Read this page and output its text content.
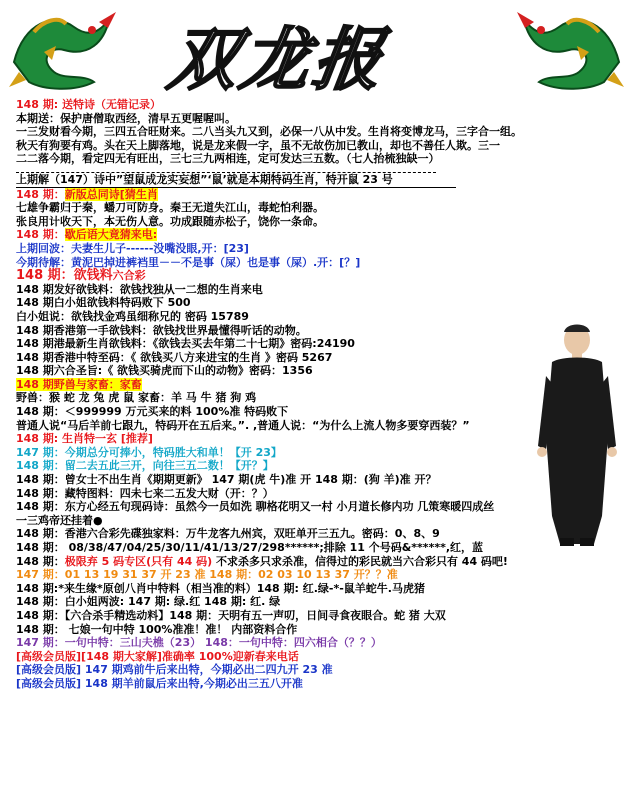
双龙报
148 期: 送特诗（无错记录）
本期送：保护唐僧取西经，清早五更喔喔叫。
一三发财看今期，三四五合旺财来。二八当头九又到，必保一八从中发。生肖将变博龙马，三字合一组。
秋天有狗要有鸡。头在天上脚落地，说是龙来假一字，虽不无故伤加已教山，却也不善任人欺。三一
二二落今期，看定四无有旺出，三七三九两相连，定可发达三五数。（七人抬梳独缺一）
上期解（147）诗中”望鼠成龙实妄想”‘鼠’就是本期特码生肖，特开鼠 23 号
148 期：新版总同诗[猜生肖
七雄争霸归于秦，蟠刀可防身。秦王无道失江山，毒蛇怕利器。
张良用计收天下，本无伤人意。功成跟随赤松子，饶你一条命。
148 期：歇后语大竟猜来电:
上期回波：夫妻生儿子------没嘴没眼,开：[23]
今期待解：黄泥巴掉进裤裆里－－不是事（屎）也是事（屎）.开：[？]
148 期：欲钱料六合彩
148 期发好欲钱料：欲钱找独从一二想的生肖来电
148 期白小姐欲钱料特码败下 500
白小姐说：欲钱找金鸡虽细称兄的 密码 15789
148 期香港第一手欲钱料：欲钱找世界最懂得听话的动物。
148 期港最新生肖欲钱料：《欲钱去买去年第二十七期》密码:24190
148 期香港中特至码：《 欲钱买八方来进宝的生肖 》密码 5267
148 期六合圣旨:《 欲钱买骑虎而下山的动物》密码：1356
148 期野兽与家畜：家畜
野兽：猴 蛇 龙 兔 虎 鼠 家畜：羊 马 牛 猪 狗 鸡
148 期：＜999999 万元买来的料 100%准 特码败下
普通人说“马后羊前七跟九，特码开在五后来。”. ,普通人说：“为什么上流人物多要穿西装？”
148 期: 生肖特一玄 [推荐]
147 期：今期总分可捧小，特码胜大和单！【开 23】
148 期：留二去五此三开，向往三五二数！【开？】
148 期：曾女士不出生肖《期期更新》 147 期(虎 牛)准 开 148 期：(狗 羊)准 开？
148 期：藏特图料：四未七来二五发大财（开：？）
148 期：东方心经五句现码诗：虽然今一员如洗 聊格花明又一村 小月道长修内功 几策寒暖四成丝
一三鸡帝还挂着●
148 期：香港六合彩先碟独家料：万牛龙客九州宾，双旺单开三五九。密码：0、8、9
148 期： 08/38/47/04/25/30/11/41/13/27/298******;排除 11 个号码&******,红，蓝
148 期：极限弃 5 码专区(只有 44 码) 不求杀多只求杀准，信得过的彩民就当六合彩只有 44 码吧!
147 期：01 13 19 31 37 开 23 准 148 期：02 03 10 13 37 开？？准
148 期:*来生缘*原创八肖中特料（相当准的料）148 期: 红.绿-*-鼠羊蛇牛.马虎猪
148 期：白小姐两波: 147 期: 绿.红 148 期: 红. 绿
148 期：【六合杀手精选动料】148 期：天明有五一声叨，日间寻食夜眼合。蛇 猪 大双
148 期： 七娘一句中特 100%准准！准！ 内部资料合作
147 期：一句中特：三山夫樵（23） 148：一句中特：四六相合（？？）
[高级会员版][148 期大家解]准确率 100%迎新春来电话
[高级会员版] 147 期鸡前牛后来出特，今期必出二四九开 23 准
[高级会员版] 148 期羊前鼠后来出特,今期必出三五八开准
